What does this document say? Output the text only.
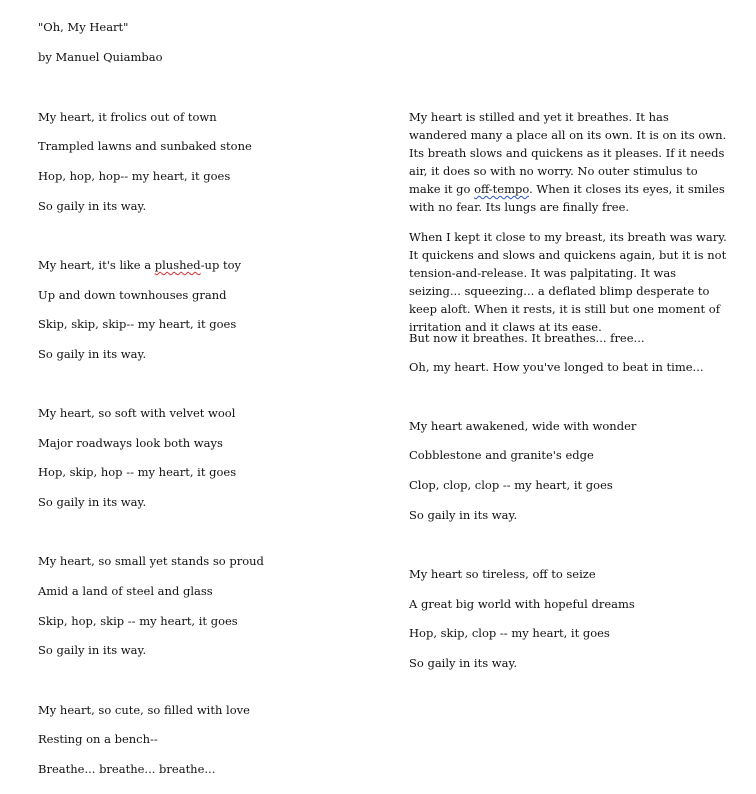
"Oh, My Heart"
by Manuel Quiambao
My heart, it frolics out of town
Trampled lawns and sunbaked stone
Hop, hop, hop-- my heart, it goes
So gaily in its way.
My heart, it's like a plushed-up toy
Up and down townhouses grand
Skip, skip, skip-- my heart, it goes
So gaily in its way.
My heart, so soft with velvet wool
Major roadways look both ways
Hop, skip, hop -- my heart, it goes
So gaily in its way.
My heart, so small yet stands so proud
Amid a land of steel and glass
Skip, hop, skip -- my heart, it goes
So gaily in its way.
My heart, so cute, so filled with love
Resting on a bench--
Breathe... breathe... breathe...
My heart is stilled and yet it breathes. It has wandered many a place all on its own. It is on its own. Its breath slows and quickens as it pleases. If it needs air, it does so with no worry. No outer stimulus to make it go off-tempo. When it closes its eyes, it smiles with no fear. Its lungs are finally free.
When I kept it close to my breast, its breath was wary. It quickens and slows and quickens again, but it is not tension-and-release. It was palpitating. It was seizing... squeezing... a deflated blimp desperate to keep aloft. When it rests, it is still but one moment of irritation and it claws at its ease.
But now it breathes. It breathes... free...
Oh, my heart. How you've longed to beat in time...
My heart awakened, wide with wonder
Cobblestone and granite's edge
Clop, clop, clop -- my heart, it goes
So gaily in its way.
My heart so tireless, off to seize
A great big world with hopeful dreams
Hop, skip, clop -- my heart, it goes
So gaily in its way.
